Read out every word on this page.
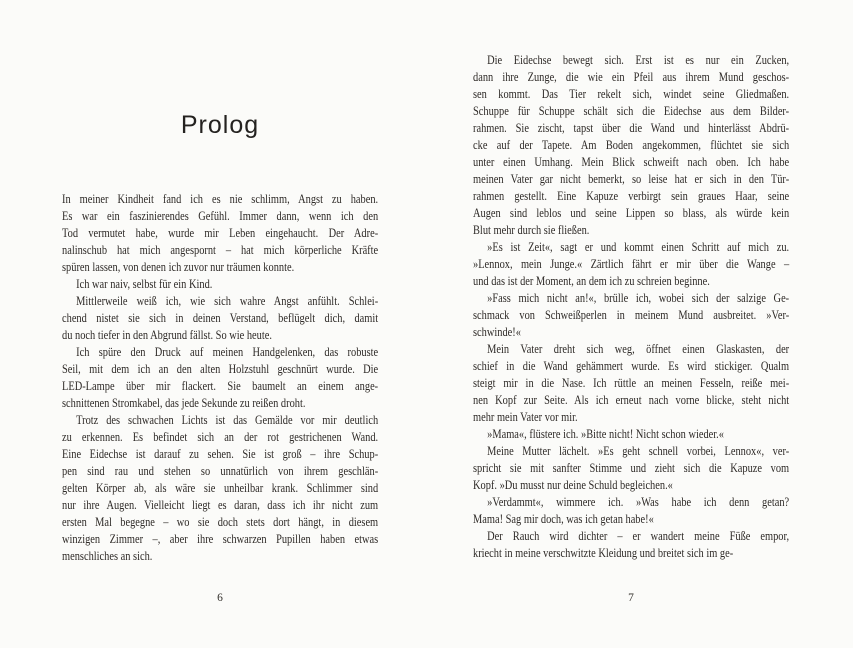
Prolog
In meiner Kindheit fand ich es nie schlimm, Angst zu haben.
Es war ein faszinierendes Gefühl. Immer dann, wenn ich den
Tod vermutet habe, wurde mir Leben eingehaucht. Der Adre-
nalinschub hat mich angespornt – hat mich körperliche Kräfte
spüren lassen, von denen ich zuvor nur träumen konnte.
Ich war naiv, selbst für ein Kind.
Mittlerweile weiß ich, wie sich wahre Angst anfühlt. Schlei-
chend nistet sie sich in deinen Verstand, beflügelt dich, damit
du noch tiefer in den Abgrund fällst. So wie heute.
Ich spüre den Druck auf meinen Handgelenken, das robuste
Seil, mit dem ich an den alten Holzstuhl geschnürt wurde. Die
LED-Lampe über mir flackert. Sie baumelt an einem ange-
schnittenen Stromkabel, das jede Sekunde zu reißen droht.
Trotz des schwachen Lichts ist das Gemälde vor mir deutlich
zu erkennen. Es befindet sich an der rot gestrichenen Wand.
Eine Eidechse ist darauf zu sehen. Sie ist groß – ihre Schup-
pen sind rau und stehen so unnatürlich von ihrem geschlän-
gelten Körper ab, als wäre sie unheilbar krank. Schlimmer sind
nur ihre Augen. Vielleicht liegt es daran, dass ich ihr nicht zum
ersten Mal begegne – wo sie doch stets dort hängt, in diesem
winzigen Zimmer –, aber ihre schwarzen Pupillen haben etwas
menschliches an sich.
6
Die Eidechse bewegt sich. Erst ist es nur ein Zucken,
dann ihre Zunge, die wie ein Pfeil aus ihrem Mund geschos-
sen kommt. Das Tier rekelt sich, windet seine Gliedmaßen.
Schuppe für Schuppe schält sich die Eidechse aus dem Bilder-
rahmen. Sie zischt, tapst über die Wand und hinterlässt Abdrü-
cke auf der Tapete. Am Boden angekommen, flüchtet sie sich
unter einen Umhang. Mein Blick schweift nach oben. Ich habe
meinen Vater gar nicht bemerkt, so leise hat er sich in den Tür-
rahmen gestellt. Eine Kapuze verbirgt sein graues Haar, seine
Augen sind leblos und seine Lippen so blass, als würde kein
Blut mehr durch sie fließen.
»Es ist Zeit«, sagt er und kommt einen Schritt auf mich zu.
»Lennox, mein Junge.« Zärtlich fährt er mir über die Wange –
und das ist der Moment, an dem ich zu schreien beginne.
»Fass mich nicht an!«, brülle ich, wobei sich der salzige Ge-
schmack von Schweißperlen in meinem Mund ausbreitet. »Ver-
schwinde!«
Mein Vater dreht sich weg, öffnet einen Glaskasten, der
schief in die Wand gehämmert wurde. Es wird stickiger. Qualm
steigt mir in die Nase. Ich rüttle an meinen Fesseln, reiße mei-
nen Kopf zur Seite. Als ich erneut nach vorne blicke, steht nicht
mehr mein Vater vor mir.
»Mama«, flüstere ich. »Bitte nicht! Nicht schon wieder.«
Meine Mutter lächelt. »Es geht schnell vorbei, Lennox«, ver-
spricht sie mit sanfter Stimme und zieht sich die Kapuze vom
Kopf. »Du musst nur deine Schuld begleichen.«
»Verdammt«, wimmere ich. »Was habe ich denn getan?
Mama! Sag mir doch, was ich getan habe!«
Der Rauch wird dichter – er wandert meine Füße empor,
kriecht in meine verschwitzte Kleidung und breitet sich im ge-
7
